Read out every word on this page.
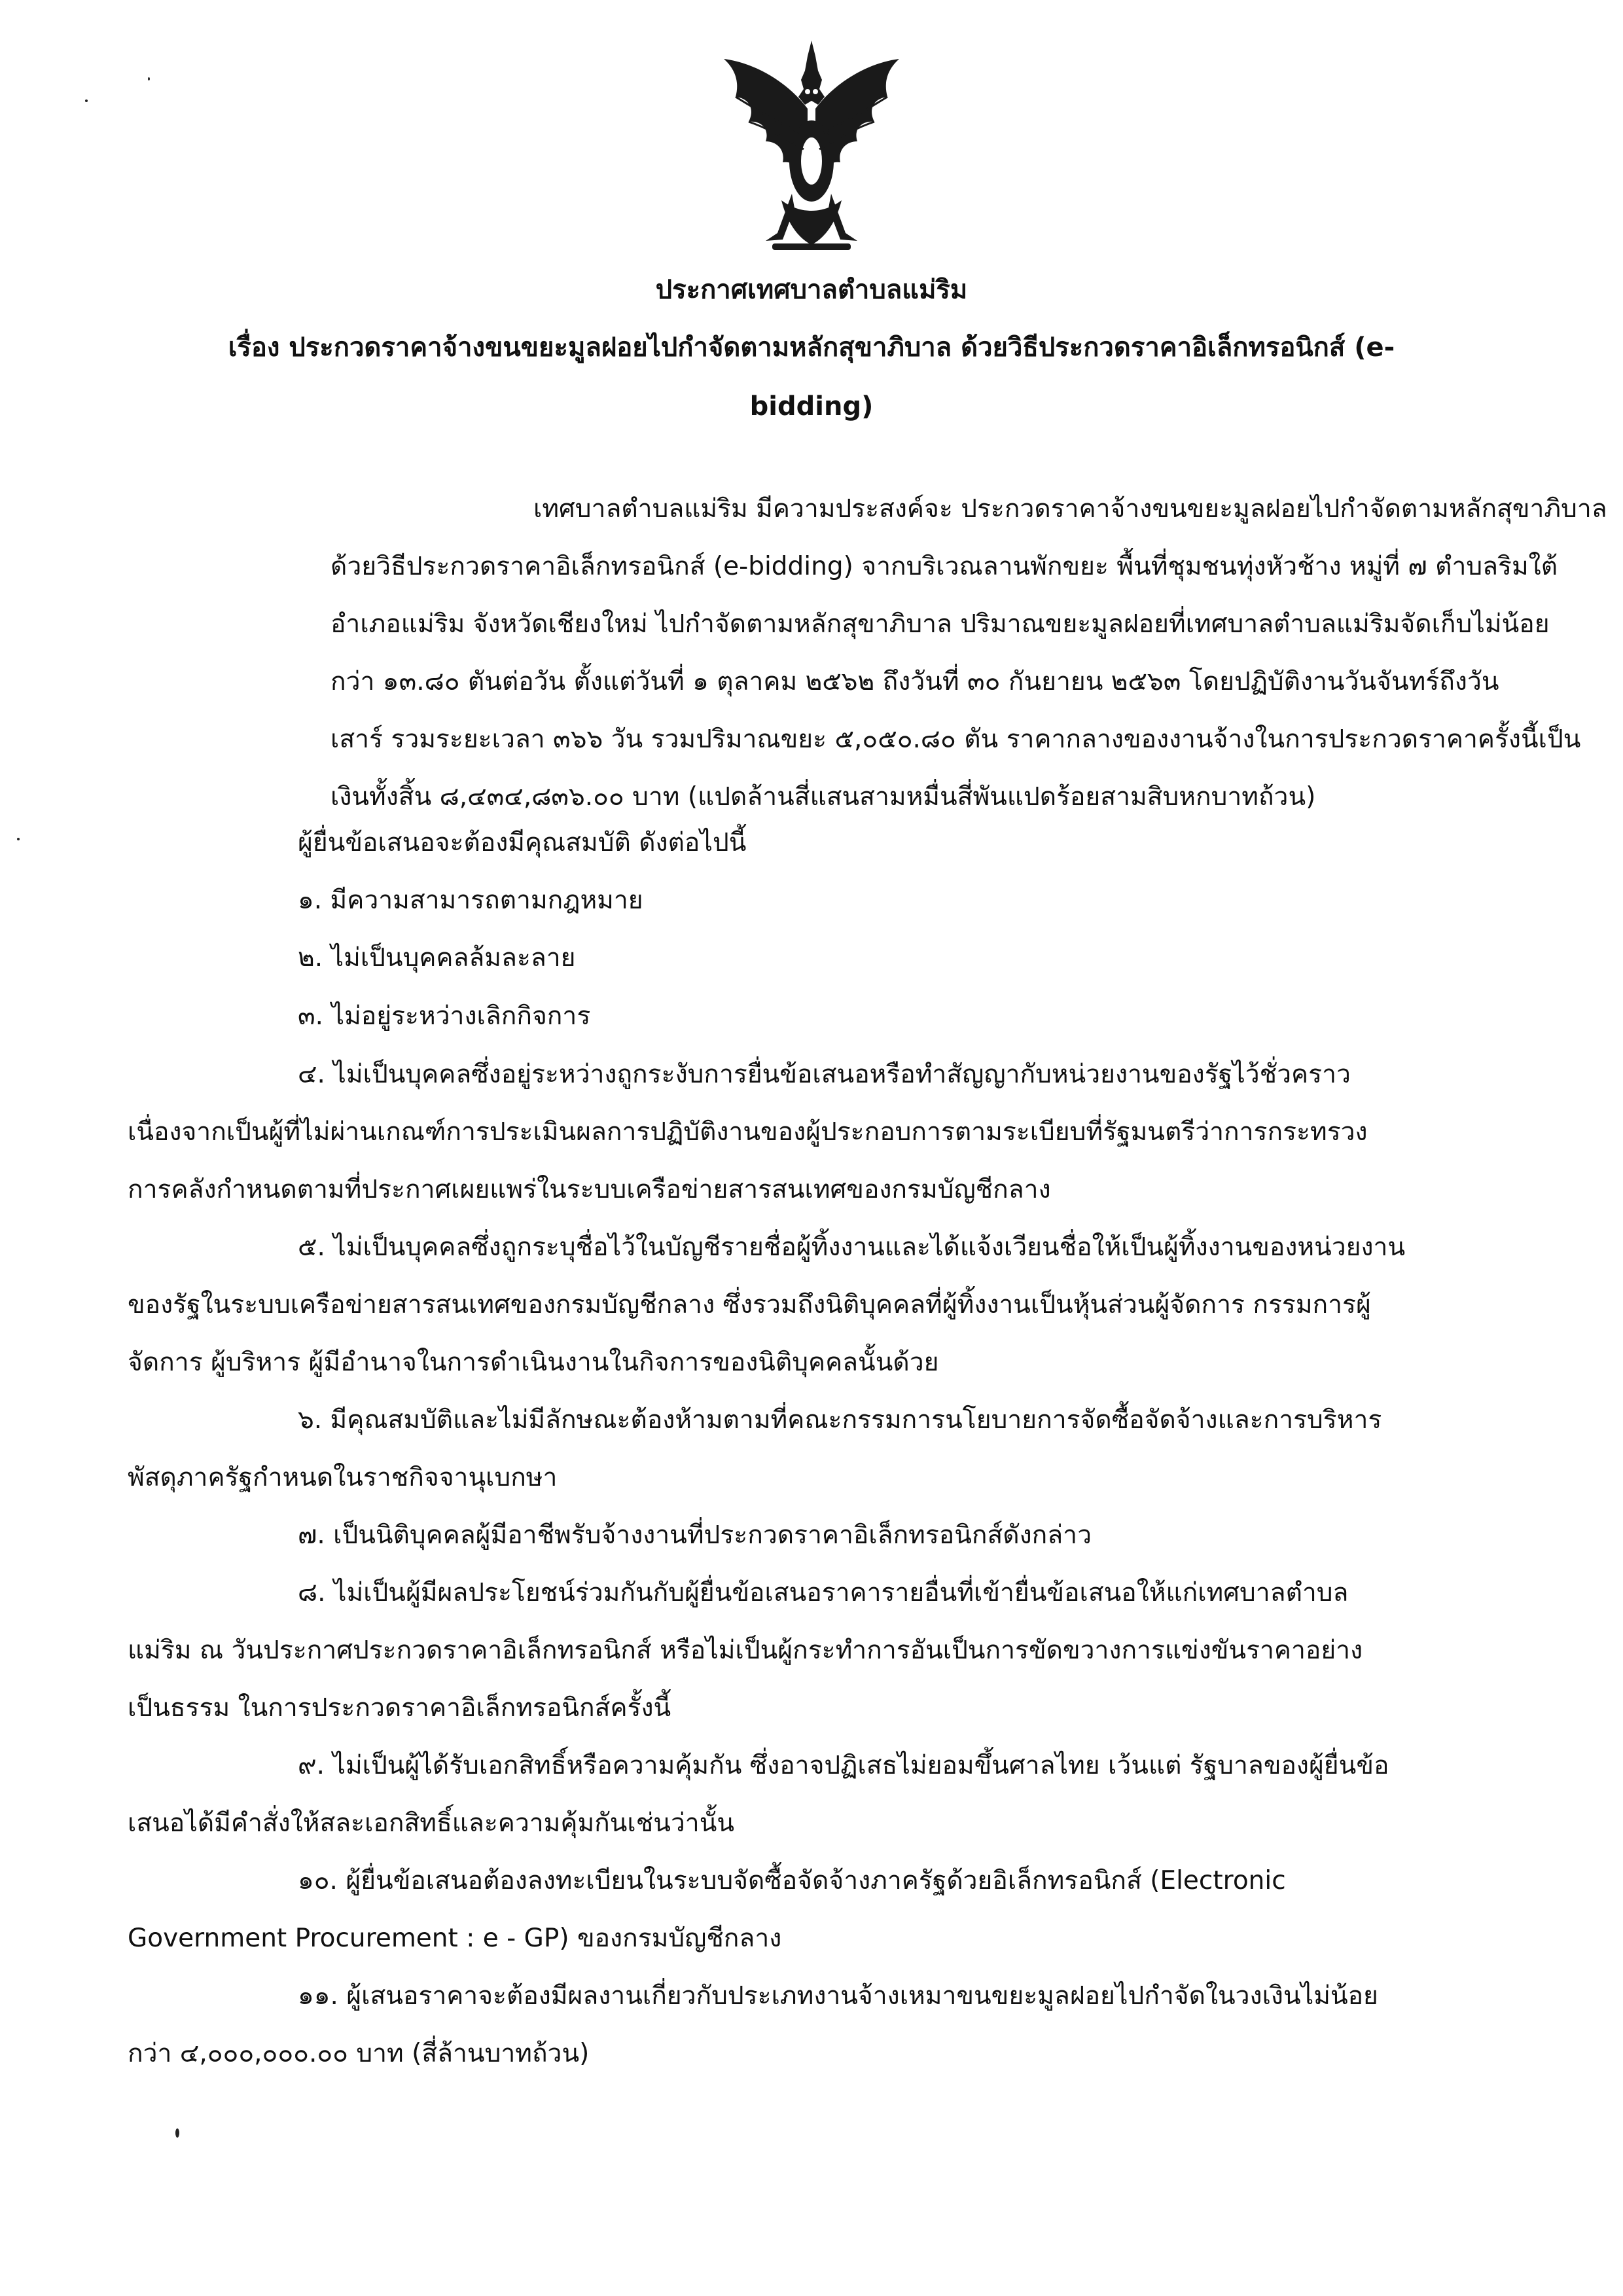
ประกาศเทศบาลตำบลแม่ริม
เรื่อง ประกวดราคาจ้างขนขยะมูลฝอยไปกำจัดตามหลักสุขาภิบาล ด้วยวิธีประกวดราคาอิเล็กทรอนิกส์ (e-
bidding)
เทศบาลตำบลแม่ริม มีความประสงค์จะ ประกวดราคาจ้างขนขยะมูลฝอยไปกำจัดตามหลักสุขาภิบาล
ด้วยวิธีประกวดราคาอิเล็กทรอนิกส์ (e-bidding) จากบริเวณลานพักขยะ พื้นที่ชุมชนทุ่งหัวช้าง หมู่ที่ ๗ ตำบลริมใต้
อำเภอแม่ริม จังหวัดเชียงใหม่ ไปกำจัดตามหลักสุขาภิบาล ปริมาณขยะมูลฝอยที่เทศบาลตำบลแม่ริมจัดเก็บไม่น้อย
กว่า ๑๓.๘๐ ตันต่อวัน ตั้งแต่วันที่ ๑ ตุลาคม ๒๕๖๒ ถึงวันที่ ๓๐ กันยายน ๒๕๖๓ โดยปฏิบัติงานวันจันทร์ถึงวัน
เสาร์ รวมระยะเวลา ๓๖๖ วัน รวมปริมาณขยะ ๕,๐๕๐.๘๐ ตัน ราคากลางของงานจ้างในการประกวดราคาครั้งนี้เป็น
เงินทั้งสิ้น ๘,๔๓๔,๘๓๖.๐๐ บาท (แปดล้านสี่แสนสามหมื่นสี่พันแปดร้อยสามสิบหกบาทถ้วน)
ผู้ยื่นข้อเสนอจะต้องมีคุณสมบัติ ดังต่อไปนี้
๑. มีความสามารถตามกฎหมาย
๒. ไม่เป็นบุคคลล้มละลาย
๓. ไม่อยู่ระหว่างเลิกกิจการ
๔. ไม่เป็นบุคคลซึ่งอยู่ระหว่างถูกระงับการยื่นข้อเสนอหรือทำสัญญากับหน่วยงานของรัฐไว้ชั่วคราว
เนื่องจากเป็นผู้ที่ไม่ผ่านเกณฑ์การประเมินผลการปฏิบัติงานของผู้ประกอบการตามระเบียบที่รัฐมนตรีว่าการกระทรวง
การคลังกำหนดตามที่ประกาศเผยแพร่ในระบบเครือข่ายสารสนเทศของกรมบัญชีกลาง
๕. ไม่เป็นบุคคลซึ่งถูกระบุชื่อไว้ในบัญชีรายชื่อผู้ทิ้งงานและได้แจ้งเวียนชื่อให้เป็นผู้ทิ้งงานของหน่วยงาน
ของรัฐในระบบเครือข่ายสารสนเทศของกรมบัญชีกลาง ซึ่งรวมถึงนิติบุคคลที่ผู้ทิ้งงานเป็นหุ้นส่วนผู้จัดการ กรรมการผู้
จัดการ ผู้บริหาร ผู้มีอำนาจในการดำเนินงานในกิจการของนิติบุคคลนั้นด้วย
๖. มีคุณสมบัติและไม่มีลักษณะต้องห้ามตามที่คณะกรรมการนโยบายการจัดซื้อจัดจ้างและการบริหาร
พัสดุภาครัฐกำหนดในราชกิจจานุเบกษา
๗. เป็นนิติบุคคลผู้มีอาชีพรับจ้างงานที่ประกวดราคาอิเล็กทรอนิกส์ดังกล่าว
๘. ไม่เป็นผู้มีผลประโยชน์ร่วมกันกับผู้ยื่นข้อเสนอราคารายอื่นที่เข้ายื่นข้อเสนอให้แก่เทศบาลตำบล
แม่ริม ณ วันประกาศประกวดราคาอิเล็กทรอนิกส์ หรือไม่เป็นผู้กระทำการอันเป็นการขัดขวางการแข่งขันราคาอย่าง
เป็นธรรม ในการประกวดราคาอิเล็กทรอนิกส์ครั้งนี้
๙. ไม่เป็นผู้ได้รับเอกสิทธิ์หรือความคุ้มกัน ซึ่งอาจปฏิเสธไม่ยอมขึ้นศาลไทย เว้นแต่ รัฐบาลของผู้ยื่นข้อ
เสนอได้มีคำสั่งให้สละเอกสิทธิ์และความคุ้มกันเช่นว่านั้น
๑๐. ผู้ยื่นข้อเสนอต้องลงทะเบียนในระบบจัดซื้อจัดจ้างภาครัฐด้วยอิเล็กทรอนิกส์ (Electronic
Government Procurement : e - GP) ของกรมบัญชีกลาง
๑๑. ผู้เสนอราคาจะต้องมีผลงานเกี่ยวกับประเภทงานจ้างเหมาขนขยะมูลฝอยไปกำจัดในวงเงินไม่น้อย
กว่า ๔,๐๐๐,๐๐๐.๐๐ บาท (สี่ล้านบาทถ้วน)
